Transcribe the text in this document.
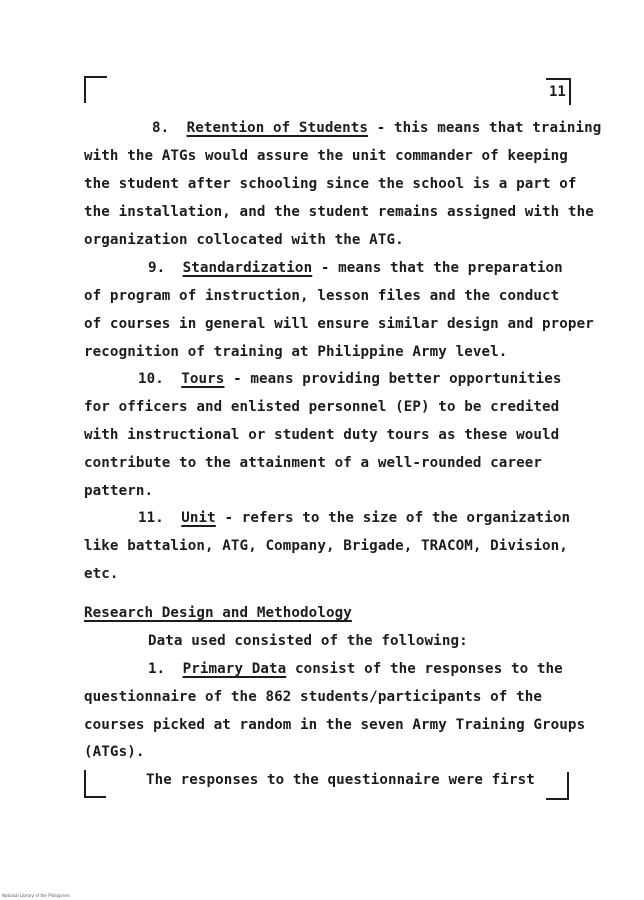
11
8. Retention of Students - this means that training
with the ATGs would assure the unit commander of keeping
the student after schooling since the school is a part of
the installation, and the student remains assigned with the
organization collocated with the ATG.
9. Standardization - means that the preparation
of program of instruction, lesson files and the conduct
of courses in general will ensure similar design and proper
recognition of training at Philippine Army level.
10. Tours - means providing better opportunities
for officers and enlisted personnel (EP) to be credited
with instructional or student duty tours as these would
contribute to the attainment of a well-rounded career
pattern.
11. Unit - refers to the size of the organization
like battalion, ATG, Company, Brigade, TRACOM, Division,
etc.
Research Design and Methodology
Data used consisted of the following:
1. Primary Data consist of the responses to the
questionnaire of the 862 students/participants of the
courses picked at random in the seven Army Training Groups
(ATGs).
The responses to the questionnaire were first
National Library of the Philippines
